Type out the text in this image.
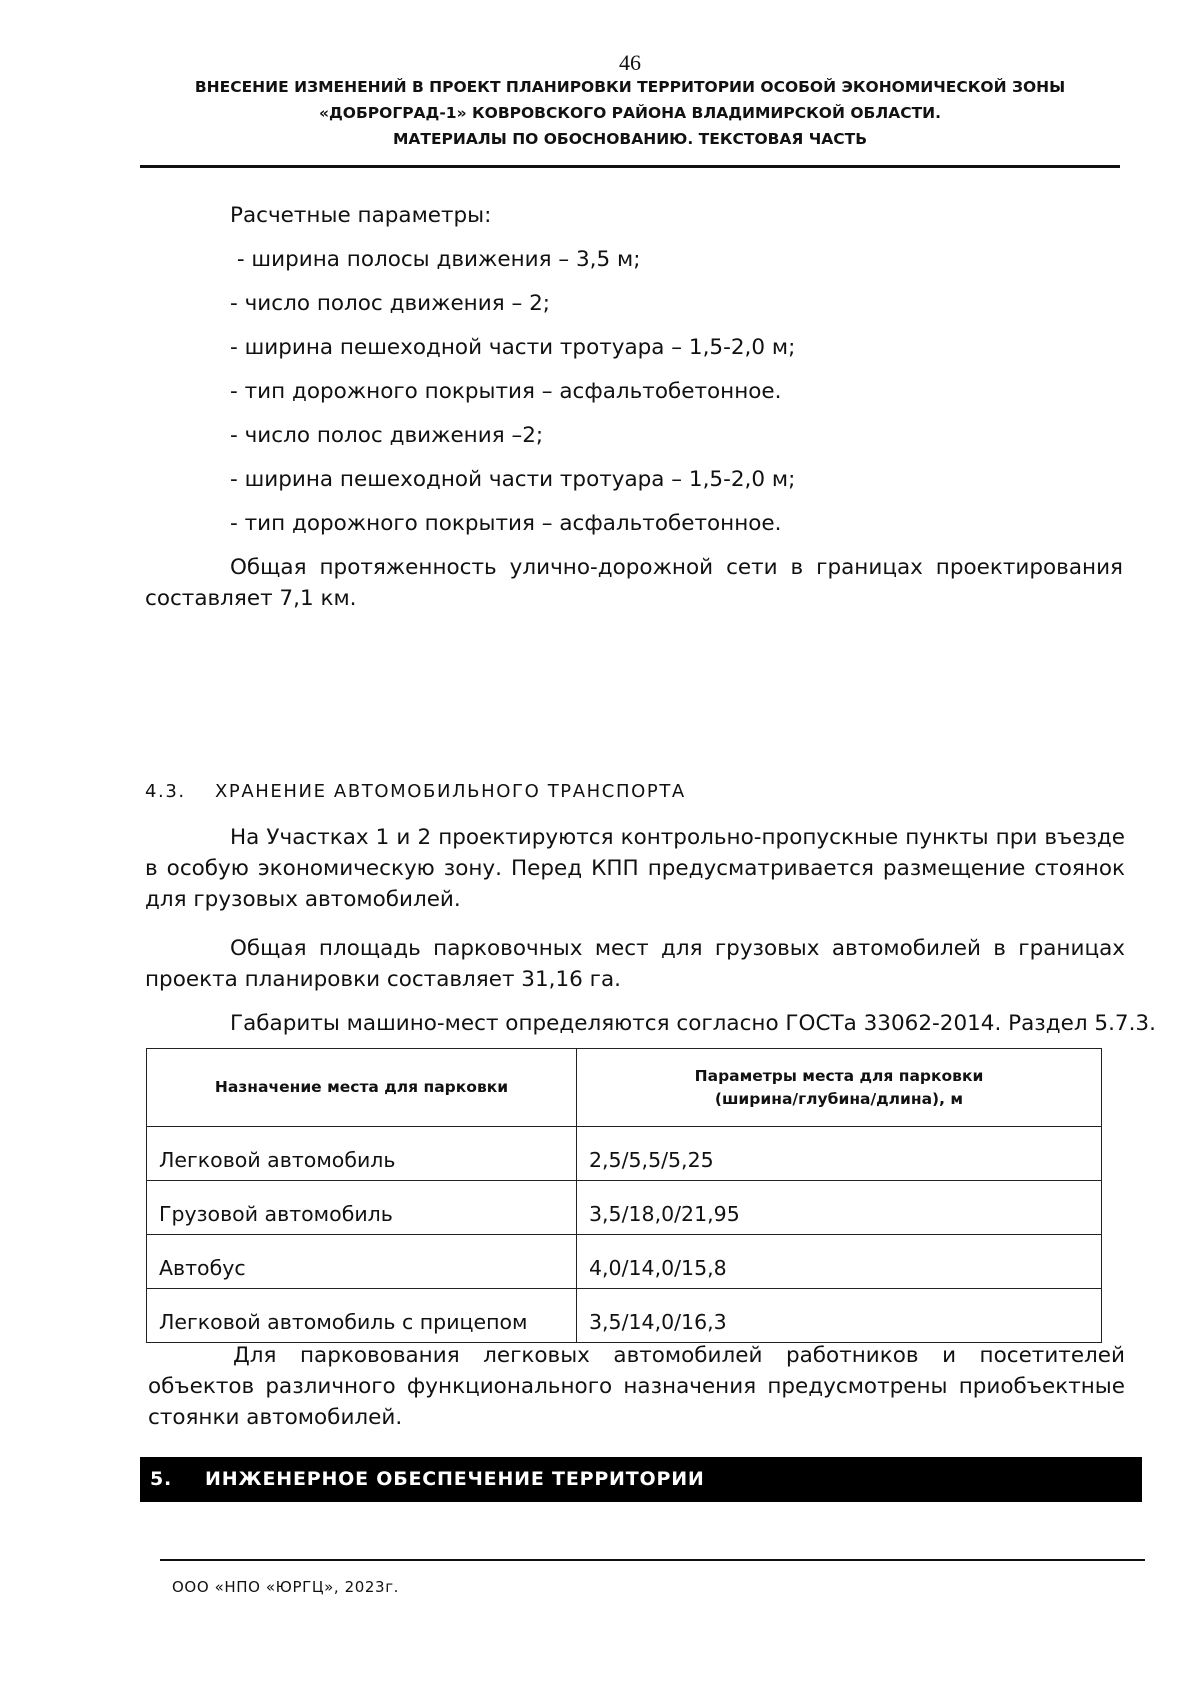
46
ВНЕСЕНИЕ ИЗМЕНЕНИЙ В ПРОЕКТ ПЛАНИРОВКИ ТЕРРИТОРИИ ОСОБОЙ ЭКОНОМИЧЕСКОЙ ЗОНЫ
«ДОБРОГРАД-1» КОВРОВСКОГО РАЙОНА ВЛАДИМИРСКОЙ ОБЛАСТИ.
МАТЕРИАЛЫ ПО ОБОСНОВАНИЮ. ТЕКСТОВАЯ ЧАСТЬ

Расчетные параметры:

- ширина полосы движения – 3,5 м;

- число полос движения – 2;

- ширина пешеходной части тротуара – 1,5-2,0 м;

- тип дорожного покрытия – асфальтобетонное.

- число полос движения –2;

- ширина пешеходной части тротуара – 1,5-2,0 м;

- тип дорожного покрытия – асфальтобетонное.

Общая протяженность улично-дорожной сети в границах проектирования составляет 7,1 км.

4.3. ХРАНЕНИЕ АВТОМОБИЛЬНОГО ТРАНСПОРТА

На Участках 1 и 2 проектируются контрольно-пропускные пункты при въезде в особую экономическую зону. Перед КПП предусматривается размещение стоянок для грузовых автомобилей.

Общая площадь парковочных мест для грузовых автомобилей в границах проекта планировки составляет 31,16 га.

Габариты машино-мест определяются согласно ГОСТа 33062-2014. Раздел 5.7.3.

Назначение места для парковки	Параметры места для парковки (ширина/глубина/длина), м
Легковой автомобиль	2,5/5,5/5,25
Грузовой автомобиль	3,5/18,0/21,95
Автобус	4,0/14,0/15,8
Легковой автомобиль с прицепом	3,5/14,0/16,3

Для парковования легковых автомобилей работников и посетителей объектов различного функционального назначения предусмотрены приобъектные стоянки автомобилей.

5. ИНЖЕНЕРНОЕ ОБЕСПЕЧЕНИЕ ТЕРРИТОРИИ
ООО «НПО «ЮРГЦ», 2023г.
